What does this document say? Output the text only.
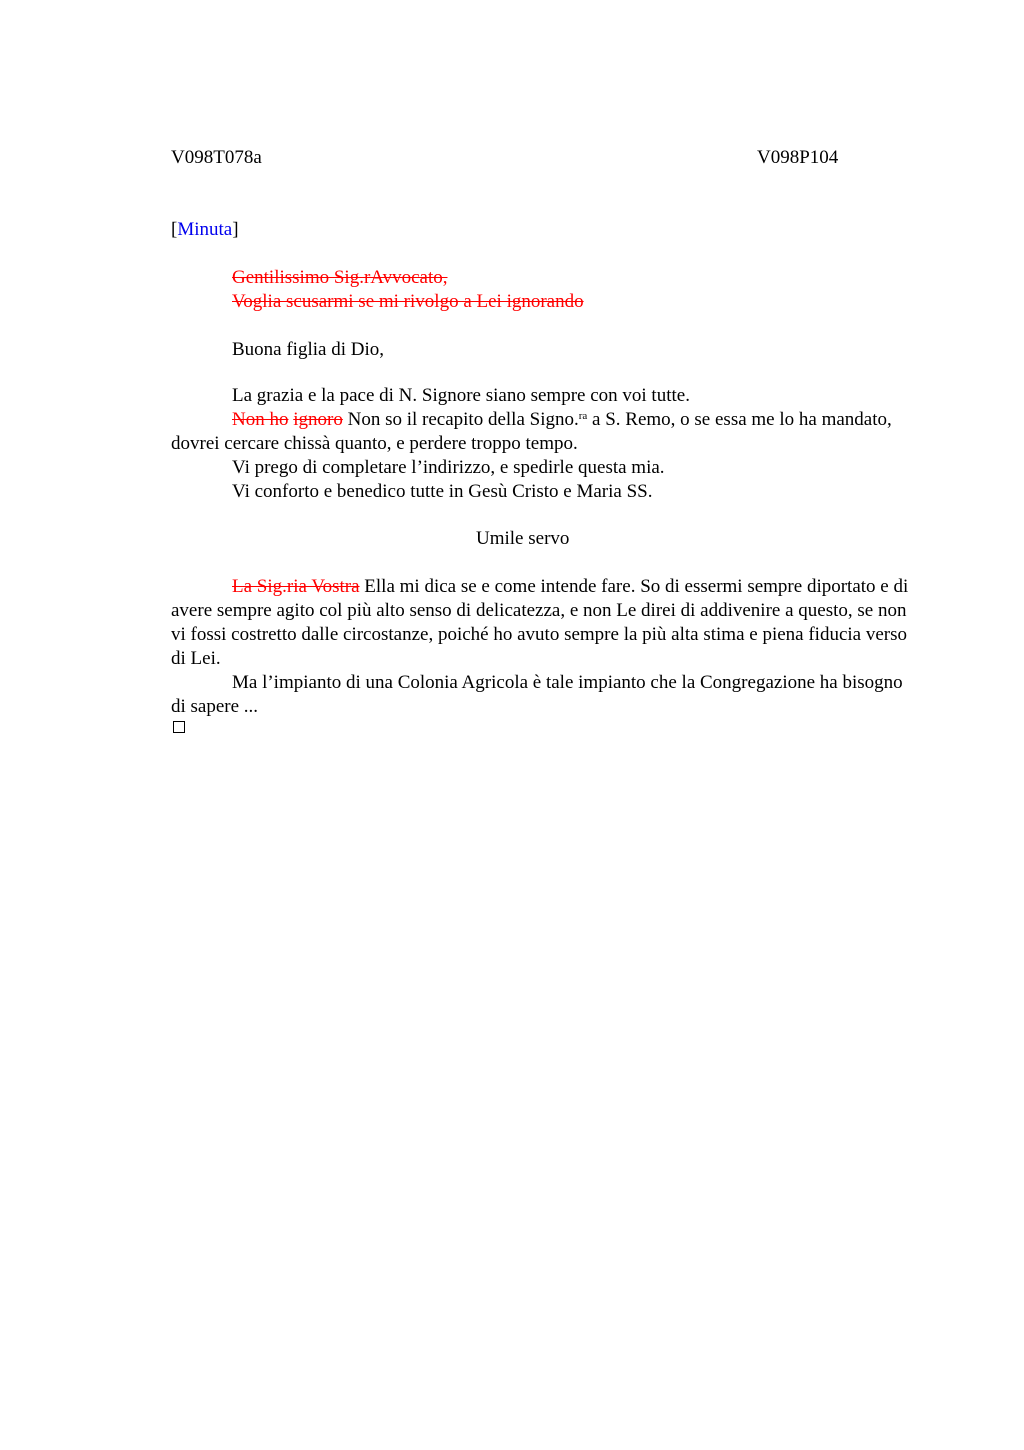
V098T078a	V098P104
[Minuta]
Gentilissimo Sig.rAvvocato,
Voglia scusarmi se mi rivolgo a Lei ignorando
Buona figlia di Dio,

La grazia e la pace di N. Signore siano sempre con voi tutte.

Non ho ignoro Non so il recapito della Signo.$^{ra}$ a S. Remo, o se essa me lo ha mandato, dovrei cercare chissà quanto, e perdere troppo tempo.

Vi prego di completare l’indirizzo, e spedirle questa mia.

Vi conforto e benedico tutte in Gesù Cristo e Maria SS.

Umile servo

La Sig.ria Vostra Ella mi dica se e come intende fare. So di essermi sempre diportato e di avere sempre agito col più alto senso di delicatezza, e non Le direi di addivenire a questo, se non vi fossi costretto dalle circostanze, poiché ho avuto sempre la più alta stima e piena fiducia verso di Lei.

Ma l’impianto di una Colonia Agricola è tale impianto che la Congregazione ha bisogno di sapere ...
